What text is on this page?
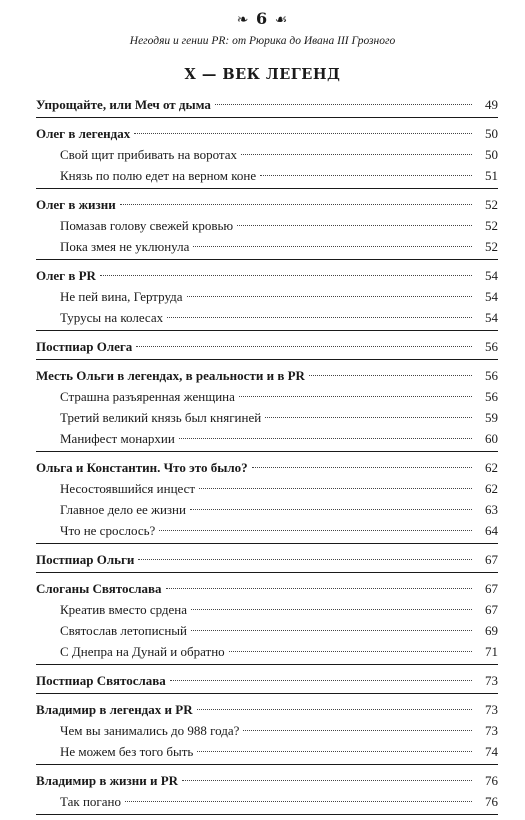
❧ 6 ☙
Негодяи и гении PR: от Рюрика до Ивана III Грозного
X — ВЕК ЛЕГЕНД
Упрощайте, или Меч от дыма	49
Олег в легендах	50
Свой щит прибивать на воротах	50
Князь по полю едет на верном коне	51
Олег в жизни	52
Помазав голову свежей кровью	52
Пока змея не уклюнула	52
Олег в PR	54
Не пей вина, Гертруда	54
Турусы на колесах	54
Постпиар Олега	56
Месть Ольги в легендах, в реальности и в PR	56
Страшна разъяренная женщина	56
Третий великий князь был княгиней	59
Манифест монархии	60
Ольга и Константин. Что это было?	62
Несостоявшийся инцест	62
Главное дело ее жизни	63
Что не срослось?	64
Постпиар Ольги	67
Слоганы Святослава	67
Креатив вместо срдена	67
Святослав летописный	69
С Днепра на Дунай и обратно	71
Постпиар Святослава	73
Владимир в легендах и PR	73
Чем вы занимались до 988 года?	73
Не можем без того быть	74
Владимир в жизни и PR	76
Так погано	76
